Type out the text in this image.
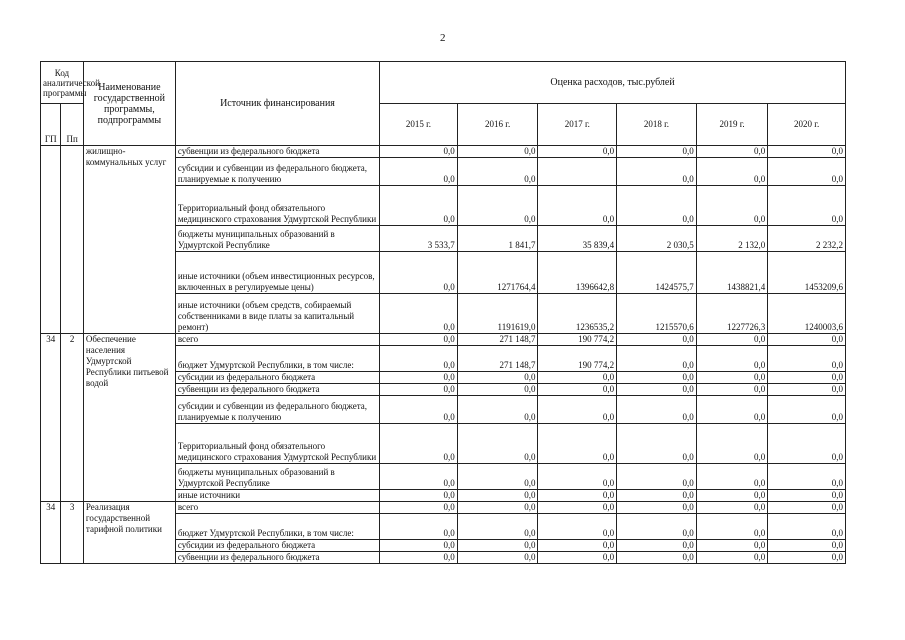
2
Код аналитической программы		Наименование государственной программы, подпрограммы	Источник финансирования	Оценка расходов, тыс.рублей					
ГП	Пп			2015 г.	2016 г.	2017 г.	2018 г.	2019 г.	2020 г.

		жилищно-коммунальных услуг	субвенции из федерального бюджета	0,0	0,0	0,0	0,0	0,0	0,0
			субсидии и субвенции из федерального бюджета, планируемые к получению	0,0	0,0		0,0	0,0	0,0
			Территориальный фонд обязательного медицинского страхования Удмуртской Республики	0,0	0,0	0,0	0,0	0,0	0,0
			бюджеты муниципальных образований в Удмуртской Республике	3 533,7	1 841,7	35 839,4	2 030,5	2 132,0	2 232,2
			иные источники (объем инвестиционных ресурсов, включенных в регулируемые цены)	0,0	1271764,4	1396642,8	1424575,7	1438821,4	1453209,6
			иные источники (объем средств, собираемый собственниками в виде платы за капитальный ремонт)	0,0	1191619,0	1236535,2	1215570,6	1227726,3	1240003,6
34	2	Обеспечение населения Удмуртской Республики питьевой водой	всего	0,0	271 148,7	190 774,2	0,0	0,0	0,0
			бюджет Удмуртской Республики, в том числе:	0,0	271 148,7	190 774,2	0,0	0,0	0,0
			субсидии из федерального бюджета	0,0	0,0	0,0	0,0	0,0	0,0
			субвенции из федерального бюджета	0,0	0,0	0,0	0,0	0,0	0,0
			субсидии и субвенции из федерального бюджета, планируемые к получению	0,0	0,0	0,0	0,0	0,0	0,0
			Территориальный фонд обязательного медицинского страхования Удмуртской Республики	0,0	0,0	0,0	0,0	0,0	0,0
			бюджеты муниципальных образований в Удмуртской Республике	0,0	0,0	0,0	0,0	0,0	0,0
			иные источники	0,0	0,0	0,0	0,0	0,0	0,0
34	3	Реализация государственной тарифной политики	всего	0,0	0,0	0,0	0,0	0,0	0,0
			бюджет Удмуртской Республики, в том числе:	0,0	0,0	0,0	0,0	0,0	0,0
			субсидии из федерального бюджета	0,0	0,0	0,0	0,0	0,0	0,0
			субвенции из федерального бюджета	0,0	0,0	0,0	0,0	0,0	0,0
